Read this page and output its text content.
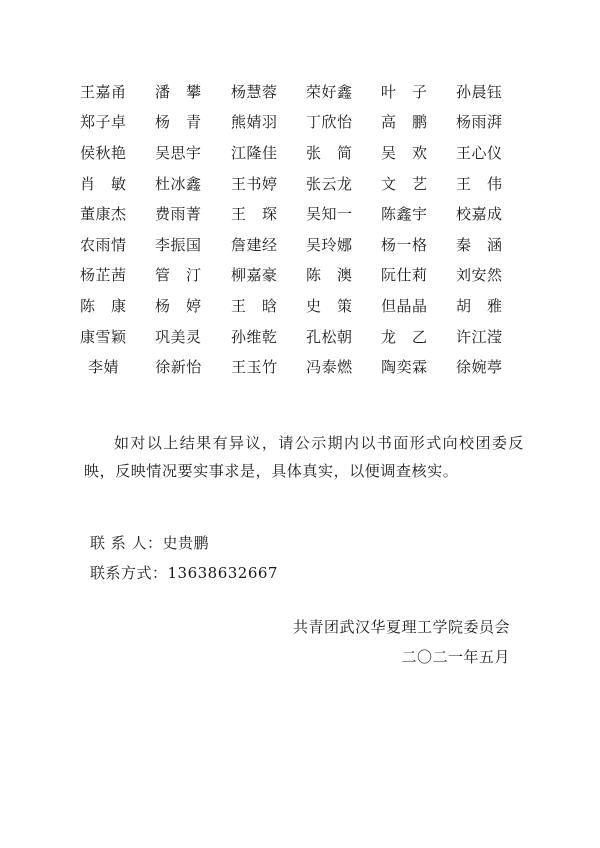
王嘉甬	潘　攀	杨慧蓉	荣好鑫	叶　子	孙晨钰
郑子卓	杨　青	熊婧羽	丁欣怡	高　鹏	杨雨湃
侯秋艳	吴思宇	江隆佳	张　简	吴　欢	王心仪
肖　敏	杜冰鑫	王书婷	张云龙	文　艺	王　伟
董康杰	费雨菁	王　琛	吴知一	陈鑫宇	校嘉成
农雨情	李振国	詹建经	吴玲娜	杨一格	秦　涵
杨芷茜	管　汀	柳嘉豪	陈　澳	阮仕莉	刘安然
陈　康	杨　婷	王　晗	史　策	但晶晶	胡　雅
康雪颖	巩美灵	孙维乾	孔松朝	龙　乙	许江滢
李婧	徐新怡	王玉竹	冯泰燃	陶奕霖	徐婉葶

如对以上结果有异议，请公示期内以书面形式向校团委反映，反映情况要实事求是，具体真实，以便调查核实。

联 系 人：史贵鹏
联系方式：13638632667
共青团武汉华夏理工学院委员会
二〇二一年五月
